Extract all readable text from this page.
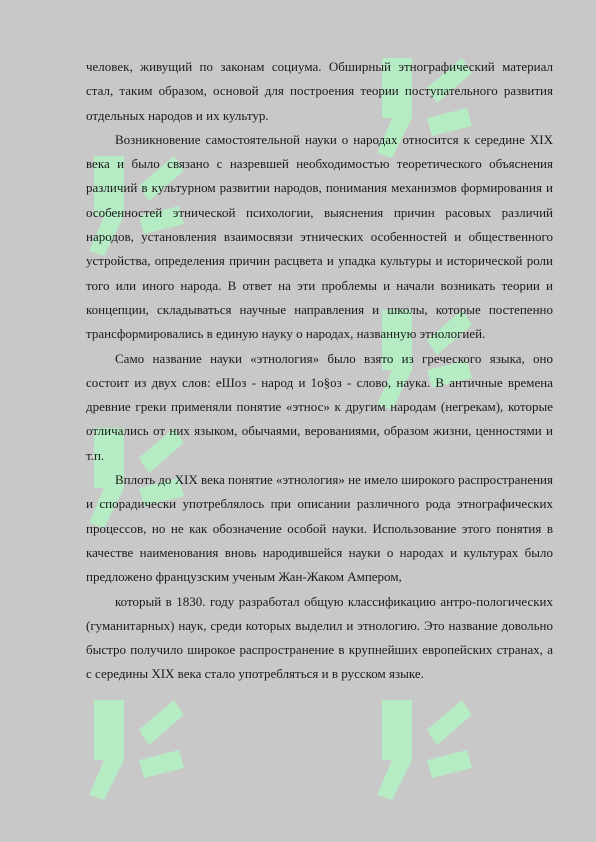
человек, живущий по законам социума. Обширный этнографический материал стал, таким образом, основой для построения теории поступательного развития отдельных народов и их культур.

Возникновение самостоятельной науки о народах относится к середине XIX века и было связано с назревшей необходимостью теоретического объяснения различий в культурном развитии народов, понимания механизмов формирования и особенностей этнической психологии, выяснения причин расовых различий народов, установления взаимосвязи этнических особенностей и общественного устройства, определения причин расцвета и упадка культуры и исторической роли того или иного народа. В ответ на эти проблемы и начали возникать теории и концепции, складываться научные направления и школы, которые постепенно трансформировались в единую науку о народах, названную этнологией.

Само название науки «этнология» было взято из греческого языка, оно состоит из двух слов: еШоз - народ и 1о§оз - слово, наука. В античные времена древние греки применяли понятие «этнос» к другим народам (негрекам), которые отличались от них языком, обычаями, верованиями, образом жизни, ценностями и т.п.

Вплоть до XIX века понятие «этнология» не имело широкого распространения и спорадически употреблялось при описании различного рода этнографических процессов, но не как обозначение особой науки. Использование этого понятия в качестве наименования вновь народившейся науки о народах и культурах было предложено французским ученым Жан-Жаком Ампером,

который в 1830. году разработал общую классификацию антро-пологических (гуманитарных) наук, среди которых выделил и этнологию. Это название довольно быстро получило широкое распространение в крупнейших европейских странах, а с середины XIX века стало употребляться и в русском языке.
